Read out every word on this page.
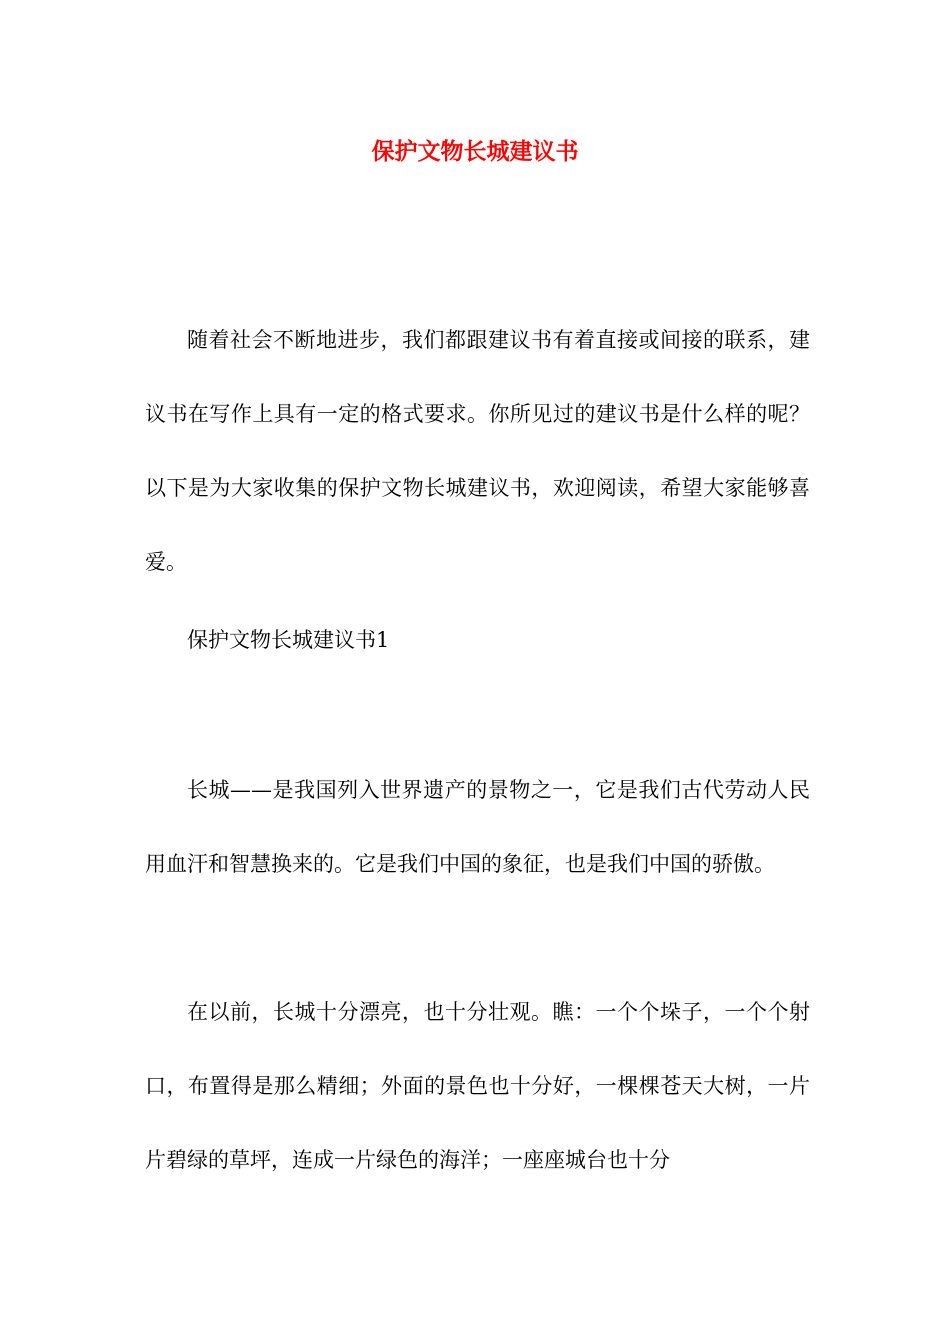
保护文物长城建议书

随着社会不断地进步，我们都跟建议书有着直接或间接的联系，建议书在写作上具有一定的格式要求。你所见过的建议书是什么样的呢？以下是为大家收集的保护文物长城建议书，欢迎阅读，希望大家能够喜爱。

保护文物长城建议书1

长城——是我国列入世界遗产的景物之一，它是我们古代劳动人民用血汗和智慧换来的。它是我们中国的象征，也是我们中国的骄傲。

在以前，长城十分漂亮，也十分壮观。瞧：一个个垛子，一个个射口，布置得是那么精细；外面的景色也十分好，一棵棵苍天大树，一片片碧绿的草坪，连成一片绿色的海洋；一座座城台也十分
